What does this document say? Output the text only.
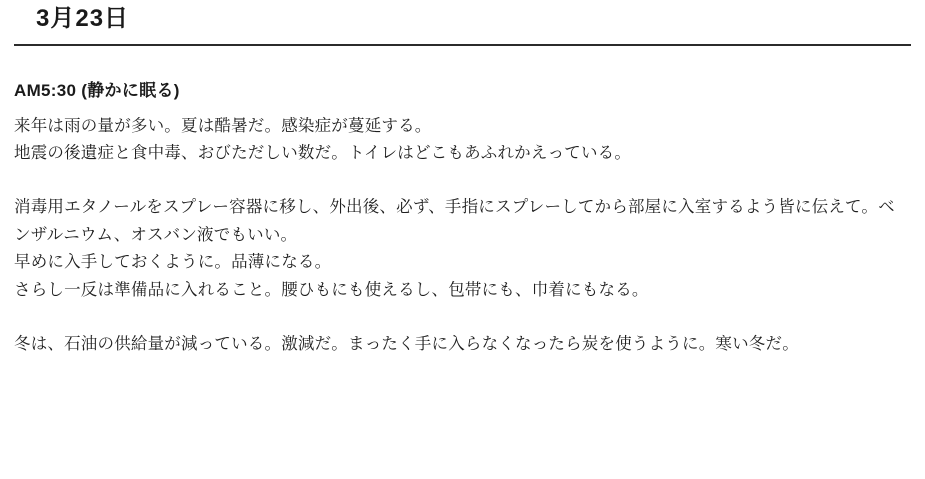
3月23日
AM5:30 (静かに眠る)

来年は雨の量が多い。夏は酷暑だ。感染症が蔓延する。
地震の後遺症と食中毒、おびただしい数だ。トイレはどこもあふれかえっている。

消毒用エタノールをスプレー容器に移し、外出後、必ず、手指にスプレーしてから部屋に入室するよう皆に伝えて。ベンザルニウム、オスバン液でもいい。
早めに入手しておくように。品薄になる。
さらし一反は準備品に入れること。腰ひもにも使えるし、包帯にも、巾着にもなる。

冬は、石油の供給量が減っている。激減だ。まったく手に入らなくなったら炭を使うように。寒い冬だ。
